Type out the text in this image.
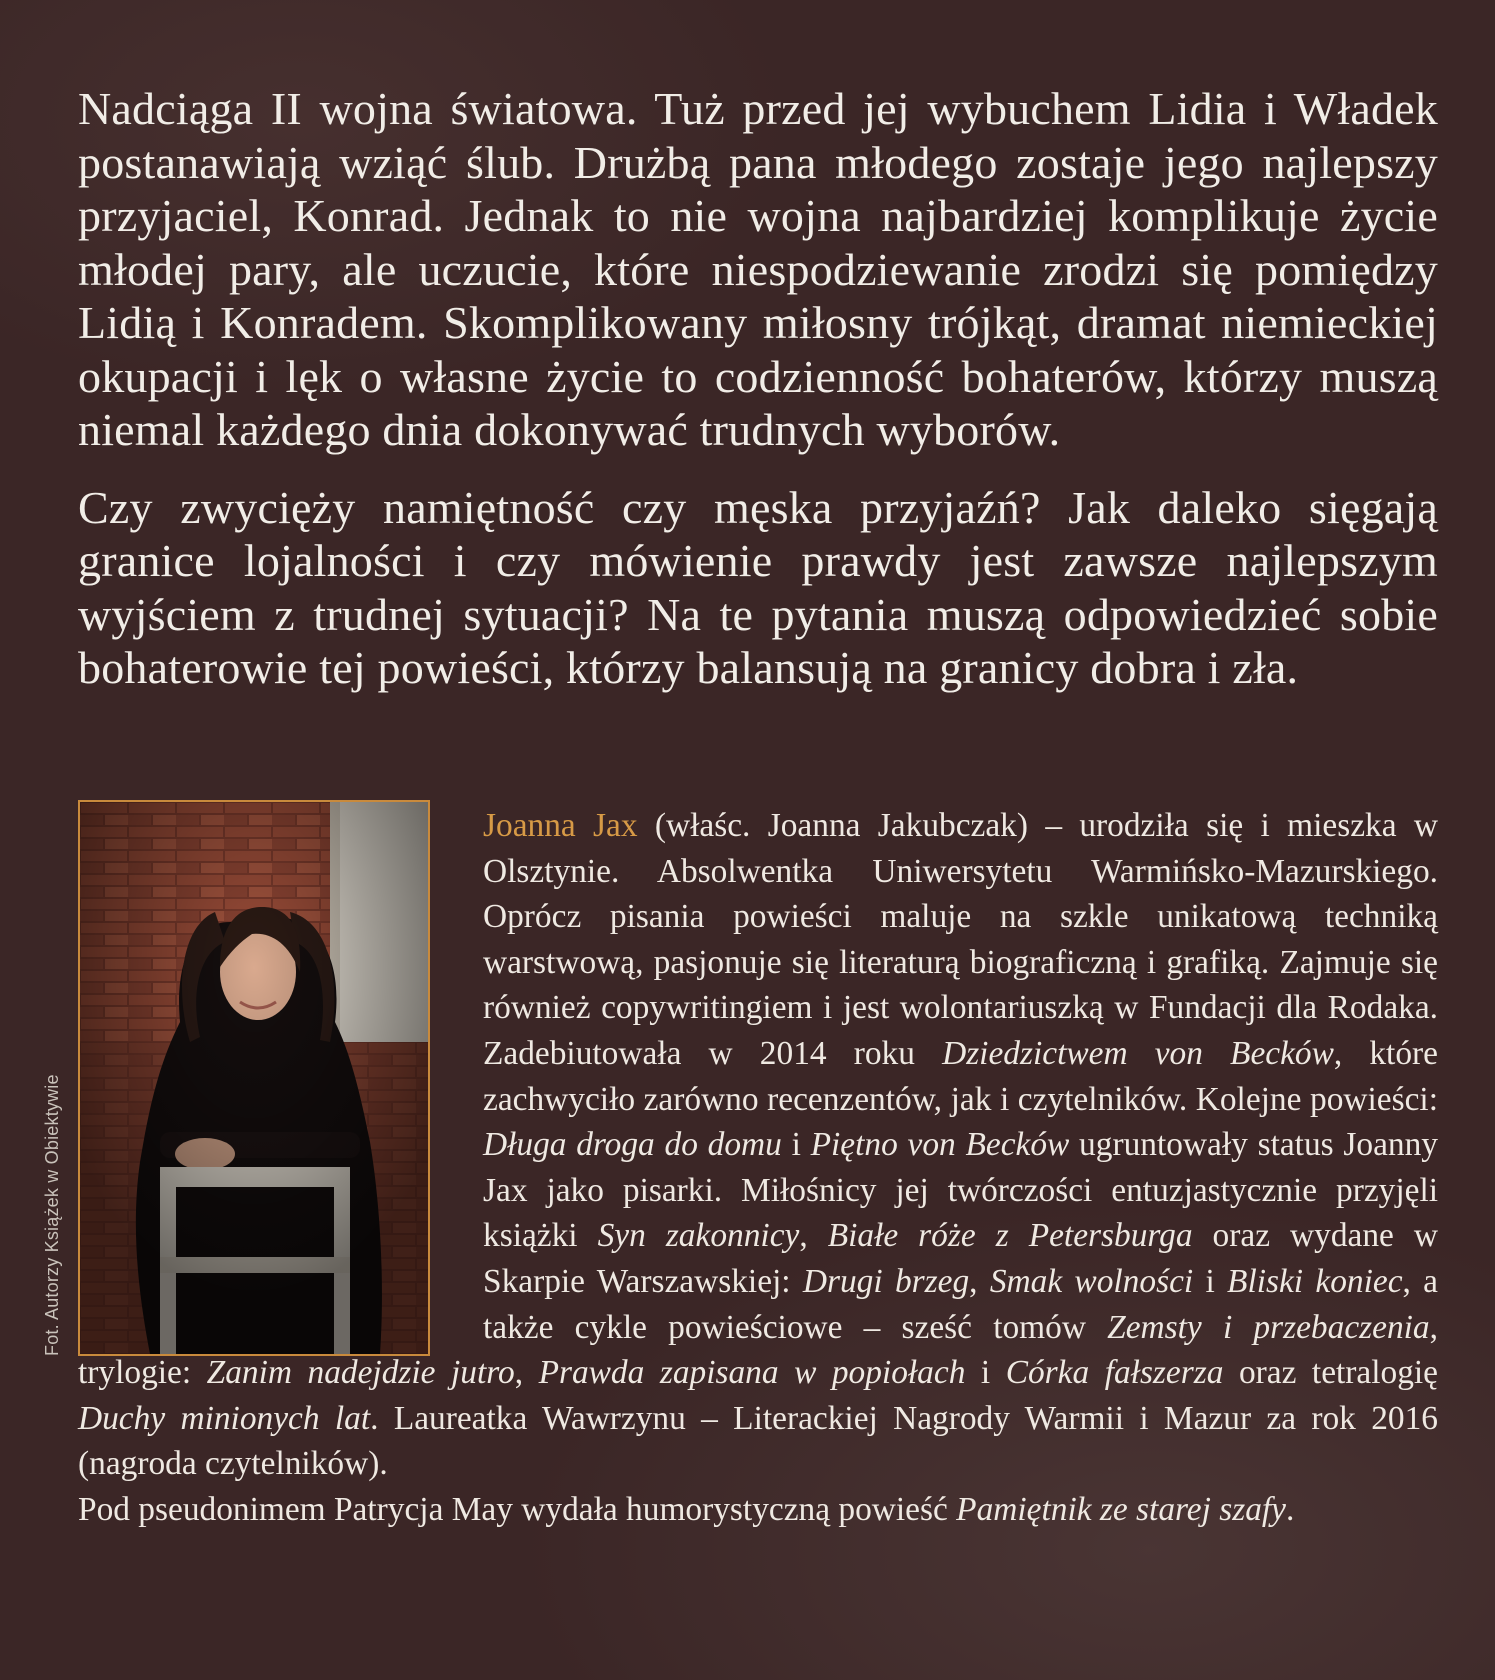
Nadciąga II wojna światowa. Tuż przed jej wybuchem Lidia i Władek postanawiają wziąć ślub. Drużbą pana młodego zostaje jego najlepszy przyjaciel, Konrad. Jednak to nie wojna najbardziej komplikuje życie młodej pary, ale uczucie, które niespodziewanie zrodzi się pomiędzy Lidią i Konradem. Skomplikowany miłosny trójkąt, dramat niemieckiej okupacji i lęk o własne życie to codzienność bohaterów, którzy muszą niemal każdego dnia dokonywać trudnych wyborów.

Czy zwycięży namiętność czy męska przyjaźń? Jak daleko sięgają granice lojalności i czy mówienie prawdy jest zawsze najlepszym wyjściem z trudnej sytuacji? Na te pytania muszą odpowiedzieć sobie bohaterowie tej powieści, którzy balansują na granicy dobra i zła.

Fot. Autorzy Książek w Obiektywie

Joanna Jax (właśc. Joanna Jakubczak) – urodziła się i mieszka w Olsztynie. Absolwentka Uniwersytetu Warmińsko-Mazurskiego. Oprócz pisania powieści maluje na szkle unikatową techniką warstwową, pasjonuje się literaturą biograficzną i grafiką. Zajmuje się również copywritingiem i jest wolontariuszką w Fundacji dla Rodaka. Zadebiutowała w 2014 roku Dziedzictwem von Becków, które zachwyciło zarówno recenzentów, jak i czytelników. Kolejne powieści: Długa droga do domu i Piętno von Becków ugruntowały status Joanny Jax jako pisarki. Miłośnicy jej twórczości entuzjastycznie przyjęli książki Syn zakonnicy, Białe róże z Petersburga oraz wydane w Skarpie Warszawskiej: Drugi brzeg, Smak wolności i Bliski koniec, a także cykle powieściowe – sześć tomów Zemsty i przebaczenia, trylogie: Zanim nadejdzie jutro, Prawda zapisana w popiołach i Córka fałszerza oraz tetralogię Duchy minionych lat. Laureatka Wawrzynu – Literackiej Nagrody Warmii i Mazur za rok 2016 (nagroda czytelników).

Pod pseudonimem Patrycja May wydała humorystyczną powieść Pamiętnik ze starej szafy.
